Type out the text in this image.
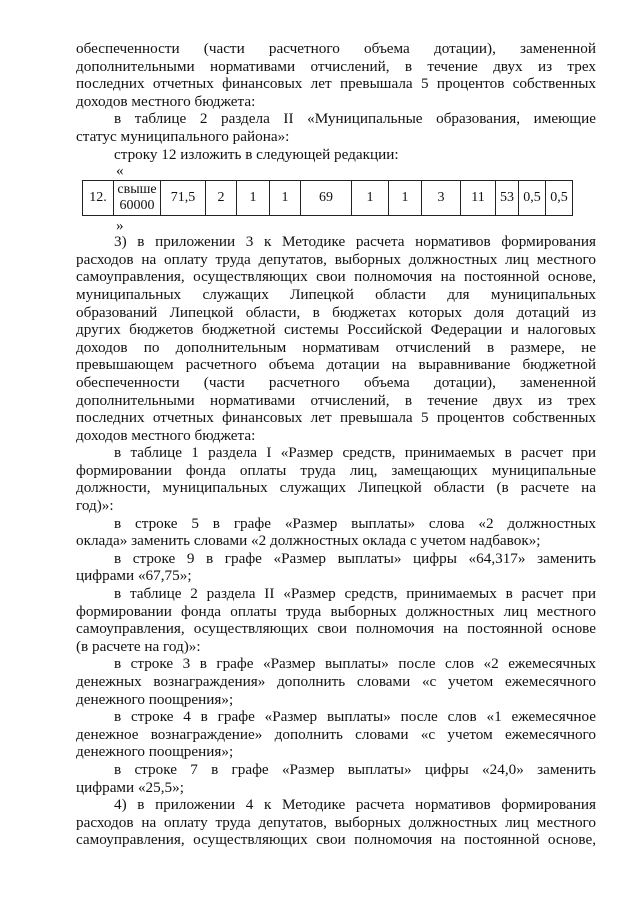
обеспеченности (части расчетного объема дотации), замененной

дополнительными нормативами отчислений, в течение двух из трех

последних отчетных финансовых лет превышала 5 процентов собственных

доходов местного бюджета:

в таблице 2 раздела II «Муниципальные образования, имеющие

статус муниципального района»:

строку 12 изложить в следующей редакции:

«

12.	свыше 60000	71,5	2	1	1	69	1	1	3	11	53	0,5	0,5

»

3) в приложении 3 к Методике расчета нормативов формирования

расходов на оплату труда депутатов, выборных должностных лиц местного

самоуправления, осуществляющих свои полномочия на постоянной основе,

муниципальных служащих Липецкой области для муниципальных

образований Липецкой области, в бюджетах которых доля дотаций из

других бюджетов бюджетной системы Российской Федерации и налоговых

доходов по дополнительным нормативам отчислений в размере, не

превышающем расчетного объема дотации на выравнивание бюджетной

обеспеченности (части расчетного объема дотации), замененной

дополнительными нормативами отчислений, в течение двух из трех

последних отчетных финансовых лет превышала 5 процентов собственных

доходов местного бюджета:

в таблице 1 раздела I «Размер средств, принимаемых в расчет при

формировании фонда оплаты труда лиц, замещающих муниципальные

должности, муниципальных служащих Липецкой области (в расчете на

год)»:

в строке 5 в графе «Размер выплаты» слова «2 должностных

оклада» заменить словами «2 должностных оклада с учетом надбавок»;

в строке 9 в графе «Размер выплаты» цифры «64,317» заменить

цифрами «67,75»;

в таблице 2 раздела II «Размер средств, принимаемых в расчет при

формировании фонда оплаты труда выборных должностных лиц местного

самоуправления, осуществляющих свои полномочия на постоянной основе

(в расчете на год)»:

в строке 3 в графе «Размер выплаты» после слов «2 ежемесячных

денежных вознаграждения» дополнить словами «с учетом ежемесячного

денежного поощрения»;

в строке 4 в графе «Размер выплаты» после слов «1 ежемесячное

денежное вознаграждение» дополнить словами «с учетом ежемесячного

денежного поощрения»;

в строке 7 в графе «Размер выплаты» цифры «24,0» заменить

цифрами «25,5»;

4) в приложении 4 к Методике расчета нормативов формирования

расходов на оплату труда депутатов, выборных должностных лиц местного

самоуправления, осуществляющих свои полномочия на постоянной основе,
